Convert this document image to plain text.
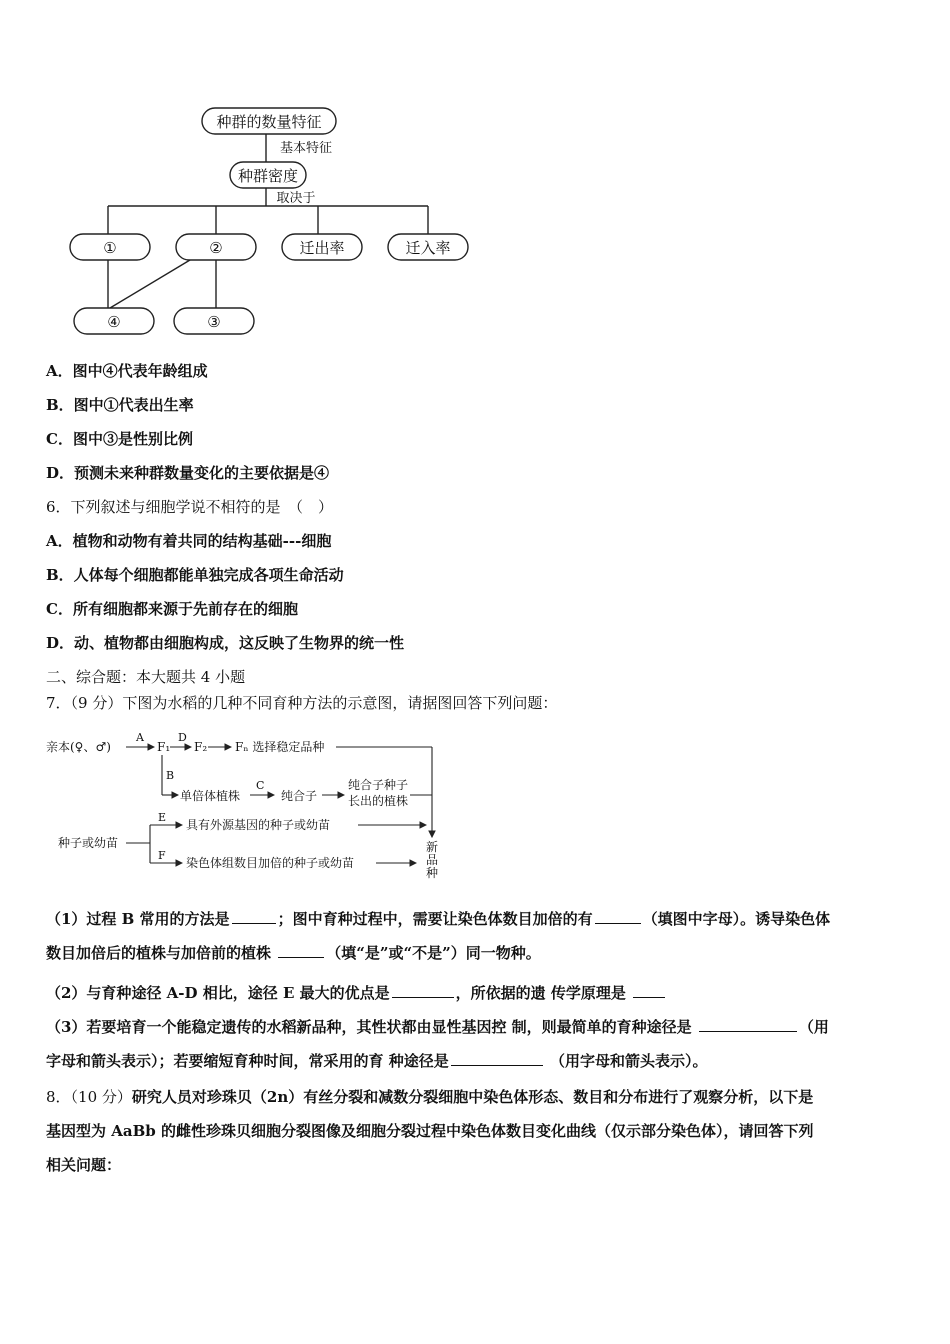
种群的数量特征
基本特征
种群密度
取决于
①	②	迁出率	迁入率
④	③
A．图中④代表年龄组成
B．图中①代表出生率
C．图中③是性别比例
D．预测未来种群数量变化的主要依据是④
6．下列叙述与细胞学说不相符的是　（　）
A．植物和动物有着共同的结构基础---细胞
B．人体每个细胞都能单独完成各项生命活动
C．所有细胞都来源于先前存在的细胞
D．动、植物都由细胞构成，这反映了生物界的统一性
二、综合题：本大题共 4 小题
7．（9 分）下图为水稻的几种不同育种方法的示意图，请据图回答下列问题：
亲本(♀、♂)
A
F₁
D
F₂ Fₙ 选择稳定品种
B
单倍体植株
C
纯合子
纯合子种子
长出的植株
种子或幼苗
E
具有外源基因的种子或幼苗
F
染色体组数目加倍的种子或幼苗
新
品
种
（1）过程 B 常用的方法是	；图中育种过程中，需要让染色体数目加倍的有	（填图中字母）。诱导染色体
数目加倍后的植株与加倍前的植株	（填“是”或“不是”）同一物种。
（2）与育种途径 A-D 相比，途径 E 最大的优点是	，所依据的遗 传学原理是
（3）若要培育一个能稳定遗传的水稻新品种，其性状都由显性基因控 制，则最简单的育种途径是	（用
字母和箭头表示）；若要缩短育种时间，常采用的育 种途径是	（用字母和箭头表示）。
8．（10 分）研究人员对珍珠贝（2n）有丝分裂和减数分裂细胞中染色体形态、数目和分布进行了观察分析，以下是
基因型为 AaBb 的雌性珍珠贝细胞分裂图像及细胞分裂过程中染色体数目变化曲线（仅示部分染色体），请回答下列
相关问题：
